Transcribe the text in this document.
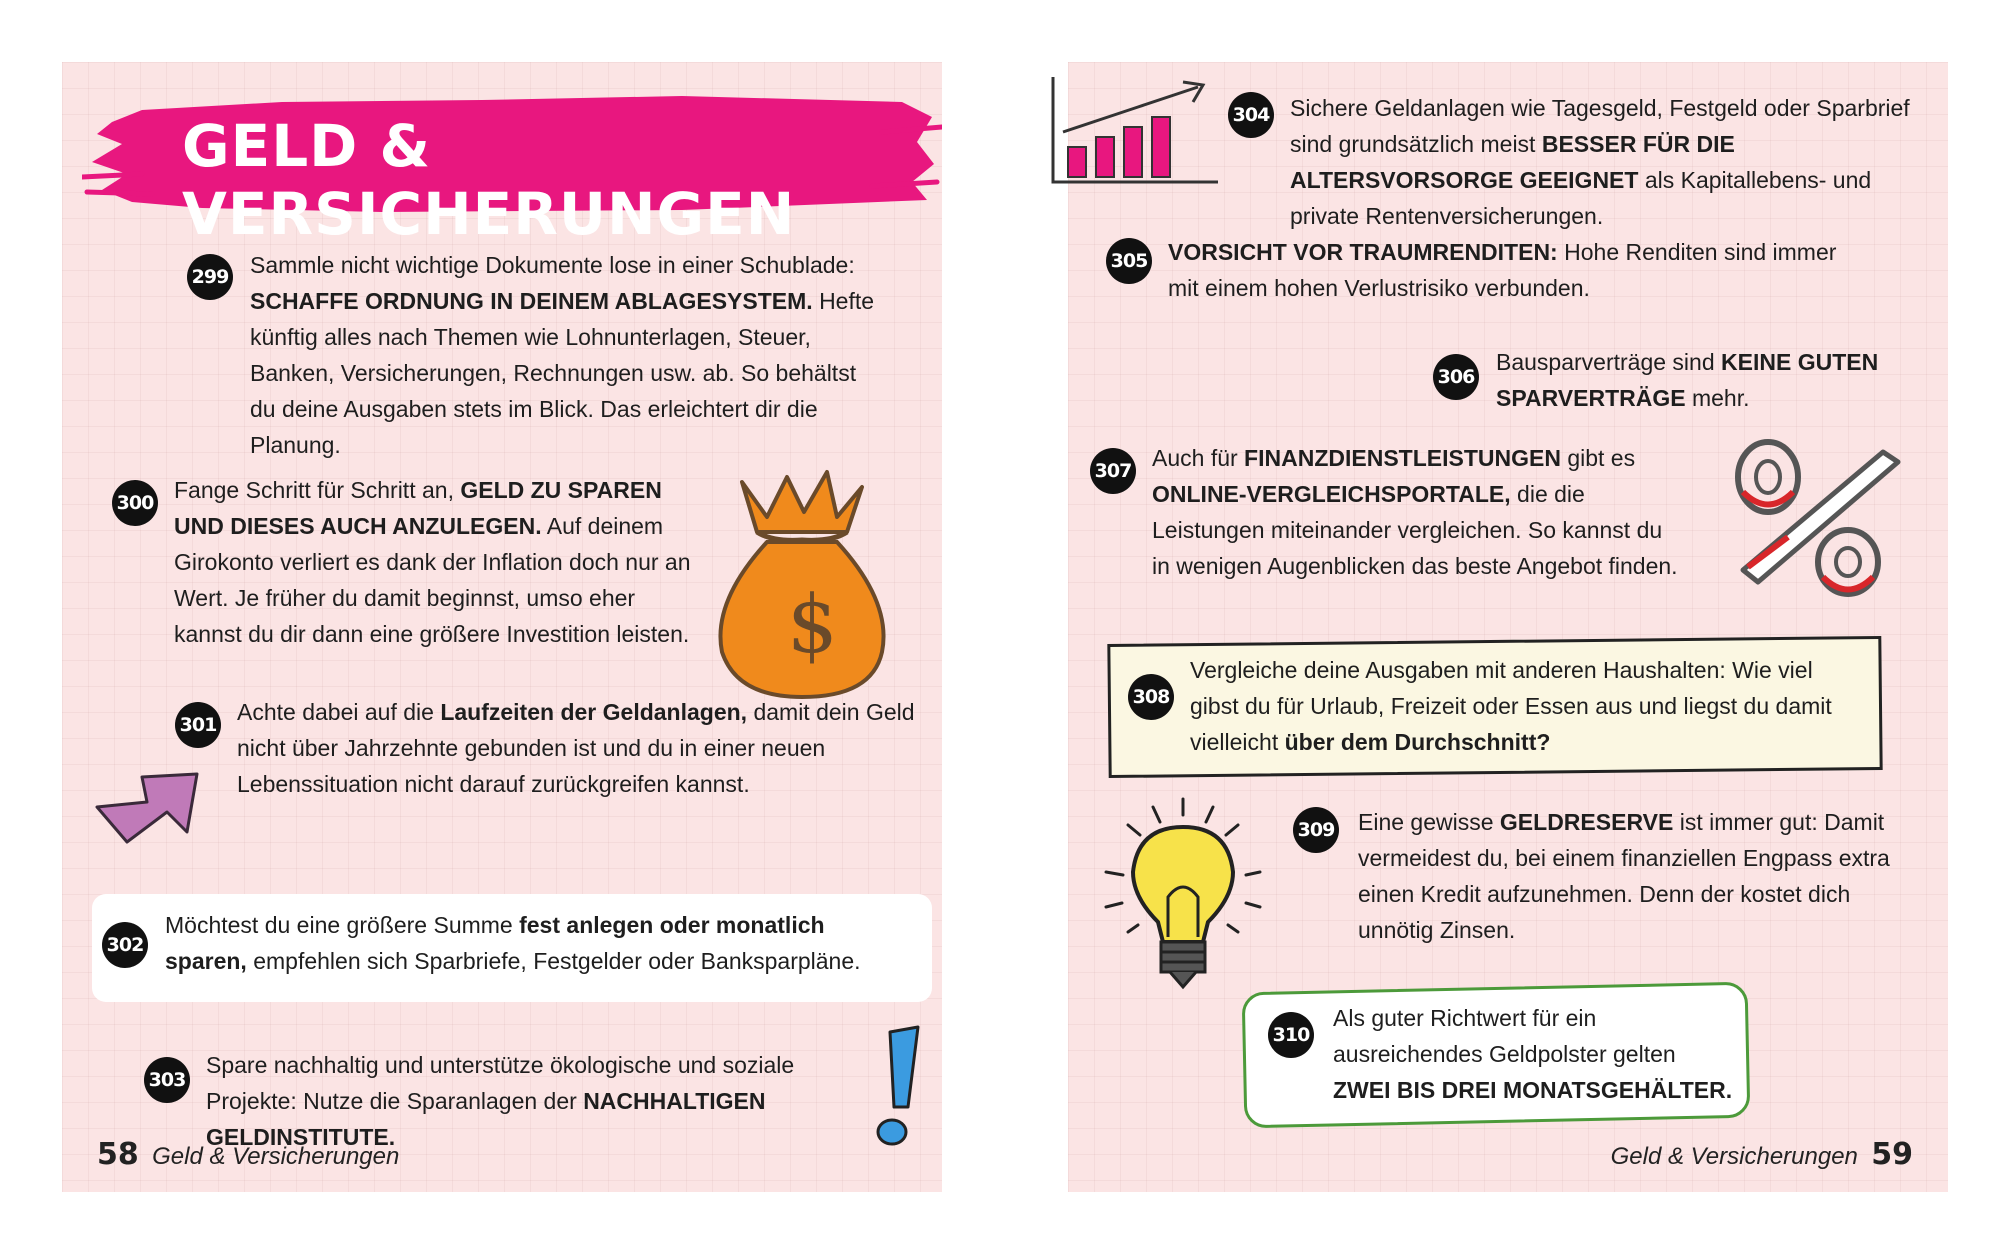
GELD & VERSICHERUNGEN
299 Sammle nicht wichtige Dokumente lose in einer Schublade: SCHAFFE ORDNUNG IN DEINEM ABLAGESYSTEM. Hefte künftig alles nach Themen wie Lohnunterlagen, Steuer, Banken, Versicherungen, Rechnungen usw. ab. So behältst du deine Ausgaben stets im Blick. Das erleichtert dir die Planung.
300 Fange Schritt für Schritt an, GELD ZU SPAREN UND DIESES AUCH ANZULEGEN. Auf deinem Girokonto verliert es dank der Inflation doch nur an Wert. Je früher du damit beginnst, umso eher kannst du dir dann eine größere Investition leisten. $
301 Achte dabei auf die Laufzeiten der Geldanlagen, damit dein Geld nicht über Jahrzehnte gebunden ist und du in einer neuen Lebenssituation nicht darauf zurückgreifen kannst.
302
Möchtest du eine größere Summe fest anlegen oder monatlich sparen, empfehlen sich Sparbriefe, Festgelder oder Banksparpläne.
303
Spare nachhaltig und unterstütze ökologische und soziale Projekte: Nutze die Sparanlagen der NACHHALTIGEN GELDINSTITUTE.
58 Geld & Versicherungen
304 Sichere Geldanlagen wie Tagesgeld, Festgeld oder Sparbrief sind grundsätzlich meist BESSER FÜR DIE ALTERSVORSORGE GEEIGNET als Kapitallebens- und private Rentenversicherungen.
305 VORSICHT VOR TRAUMRENDITEN: Hohe Renditen sind immer mit einem hohen Verlustrisiko verbunden.
306
Bausparverträge sind KEINE GUTEN SPARVERTRÄGE mehr.
307 Auch für FINANZDIENSTLEISTUNGEN gibt es ONLINE-VERGLEICHSPORTALE, die die Leistungen miteinander vergleichen. So kannst du in wenigen Augenblicken das beste Angebot finden.
308
Vergleiche deine Ausgaben mit anderen Haushalten: Wie viel gibst du für Urlaub, Freizeit oder Essen aus und liegst du damit vielleicht über dem Durchschnitt?
309 Eine gewisse GELDRESERVE ist immer gut: Damit vermeidest du, bei einem finanziellen Engpass extra einen Kredit aufzunehmen. Denn der kostet dich unnötig Zinsen.
310
Als guter Richtwert für ein ausreichendes Geldpolster gelten ZWEI BIS DREI MONATSGEHÄLTER.
Geld & Versicherungen 59
